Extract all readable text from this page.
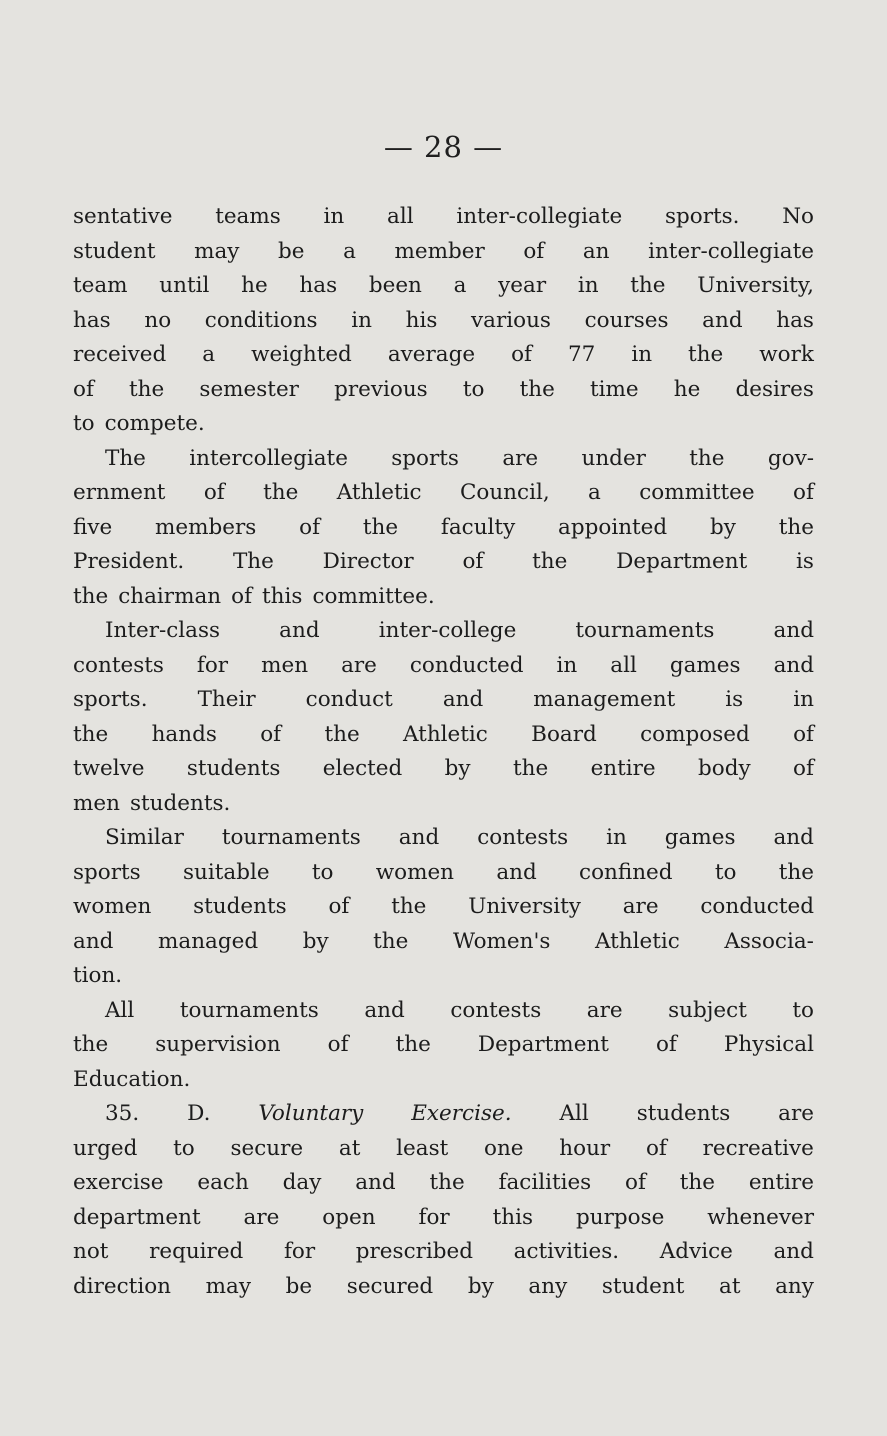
— 28 —
sentative teams in all inter-collegiate sports. No
student may be a member of an inter-collegiate
team until he has been a year in the University,
has no conditions in his various courses and has
received a weighted average of 77 in the work
of the semester previous to the time he desires
to compete.
The intercollegiate sports are under the gov-
ernment of the Athletic Council, a committee of
five members of the faculty appointed by the
President. The Director of the Department is
the chairman of this committee.
Inter-class	and	inter-college	tournaments	and
contests for men are conducted in all games and
sports. Their conduct and management is in
the hands of the Athletic Board composed of
twelve students elected by the entire body of
men students.
Similar tournaments and contests in games and
sports suitable to women and confined to the
women students of the University are conducted
and managed by the Women's Athletic Associa-
tion.
All tournaments and contests are subject to
the supervision of the Department of Physical
Education.
35. D. Voluntary Exercise. All students are
urged to secure at least one hour of recreative
exercise each day and the facilities of the entire
department are open for this purpose whenever
not required for prescribed activities. Advice and
direction may be secured by any student at any
